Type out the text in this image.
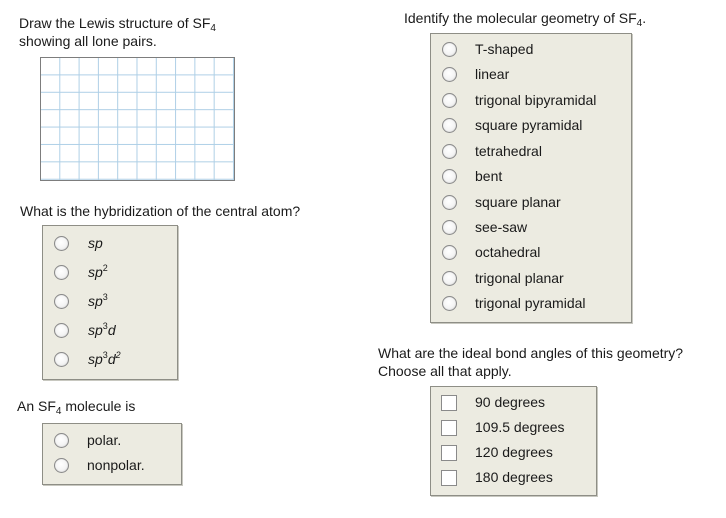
Draw the Lewis structure of $SF_4$
showing all lone pairs.
What is the hybridization of the central atom?
sp
$sp^2$
$sp^3$
$sp^3d$
$sp^3d^2$
An $SF_4$ molecule is
polar.
nonpolar.
Identify the molecular geometry of $SF_4$.
T-shaped
linear
trigonal bipyramidal
square pyramidal
tetrahedral
bent
square planar
see-saw
octahedral
trigonal planar
trigonal pyramidal
What are the ideal bond angles of this geometry?
Choose all that apply.
90 degrees
109.5 degrees
120 degrees
180 degrees
